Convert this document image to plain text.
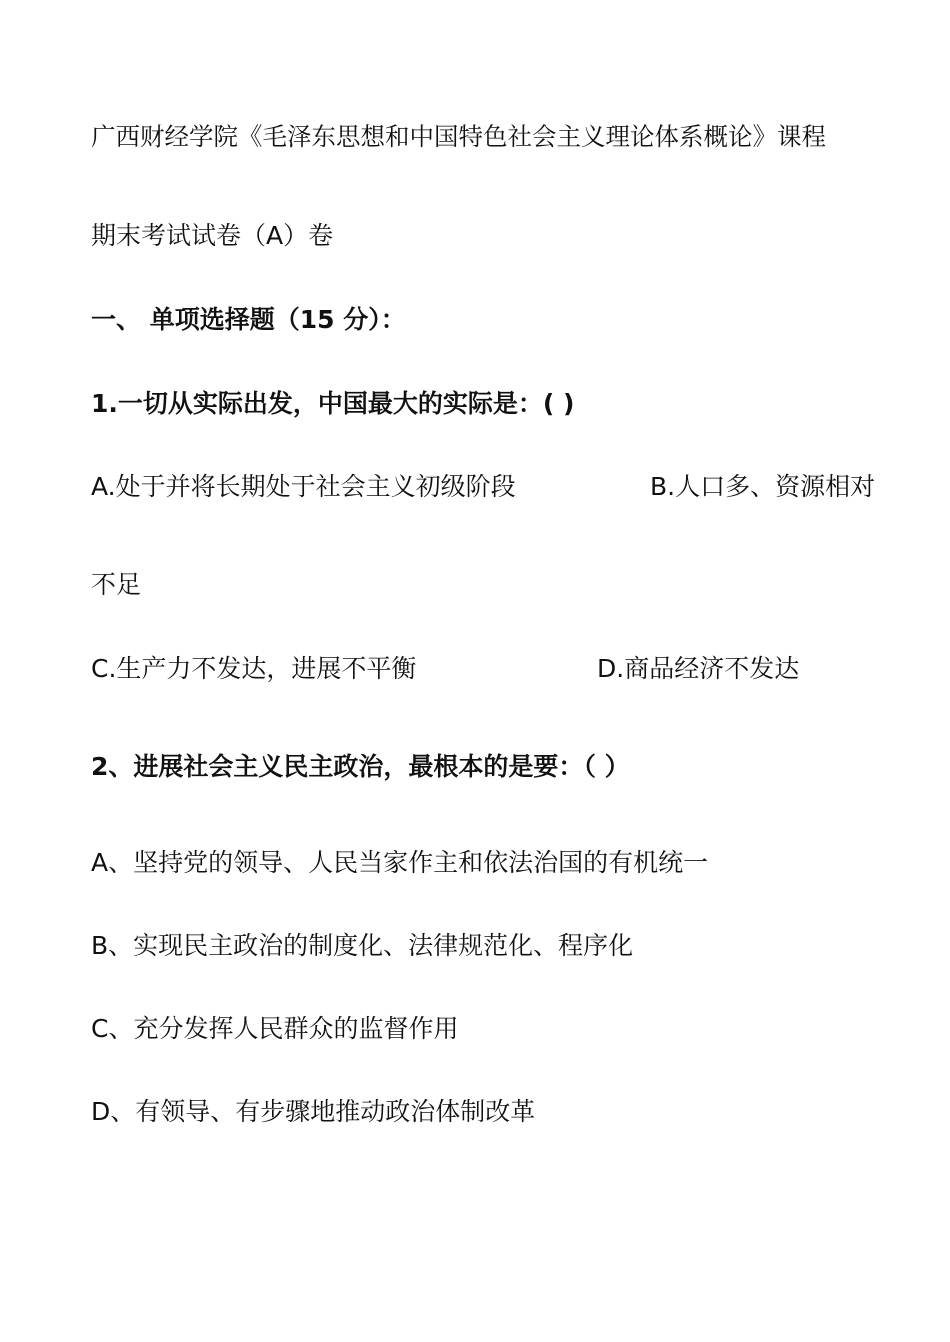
广西财经学院《毛泽东思想和中国特色社会主义理论体系概论》课程
期末考试试卷（A）卷
一、 单项选择题（15 分）：
1.一切从实际出发，中国最大的实际是：( )
A.处于并将长期处于社会主义初级阶段	B.人口多、资源相对
不足
C.生产力不发达，进展不平衡	D.商品经济不发达
2、进展社会主义民主政治，最根本的是要：（ ）
A、坚持党的领导、人民当家作主和依法治国的有机统一
B、实现民主政治的制度化、法律规范化、程序化
C、充分发挥人民群众的监督作用
D、有领导、有步骤地推动政治体制改革
